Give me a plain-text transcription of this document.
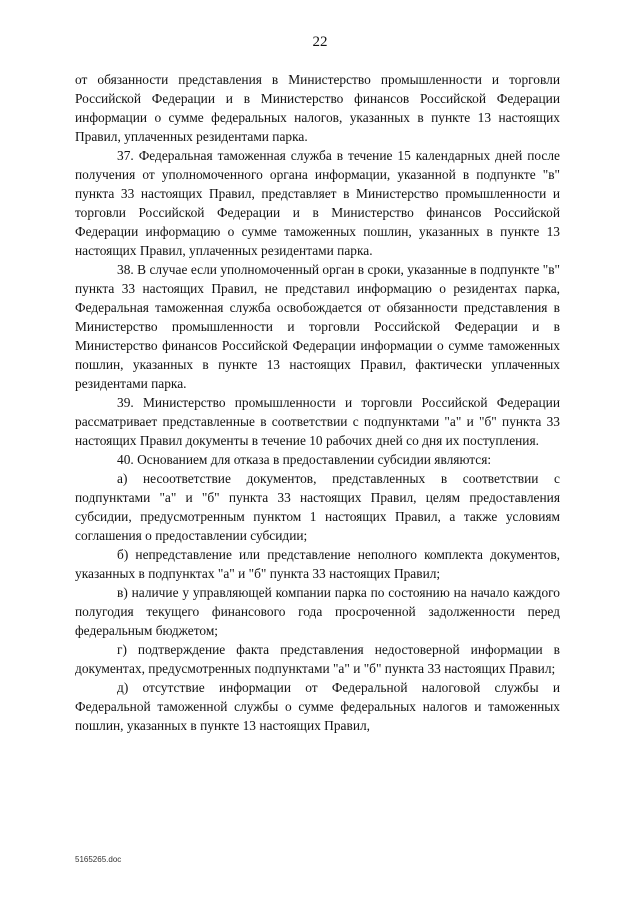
22

от обязанности представления в Министерство промышленности и торговли Российской Федерации и в Министерство финансов Российской Федерации информации о сумме федеральных налогов, указанных в пункте 13 настоящих Правил, уплаченных резидентами парка.

37. Федеральная таможенная служба в течение 15 календарных дней после получения от уполномоченного органа информации, указанной в подпункте "в" пункта 33 настоящих Правил, представляет в Министерство промышленности и торговли Российской Федерации и в Министерство финансов Российской Федерации информацию о сумме таможенных пошлин, указанных в пункте 13 настоящих Правил, уплаченных резидентами парка.

38. В случае если уполномоченный орган в сроки, указанные в подпункте "в" пункта 33 настоящих Правил, не представил информацию о резидентах парка, Федеральная таможенная служба освобождается от обязанности представления в Министерство промышленности и торговли Российской Федерации и в Министерство финансов Российской Федерации информации о сумме таможенных пошлин, указанных в пункте 13 настоящих Правил, фактически уплаченных резидентами парка.

39. Министерство промышленности и торговли Российской Федерации рассматривает представленные в соответствии с подпунктами "а" и "б" пункта 33 настоящих Правил документы в течение 10 рабочих дней со дня их поступления.

40. Основанием для отказа в предоставлении субсидии являются:

а) несоответствие документов, представленных в соответствии с подпунктами "а" и "б" пункта 33 настоящих Правил, целям предоставления субсидии, предусмотренным пунктом 1 настоящих Правил, а также условиям соглашения о предоставлении субсидии;

б) непредставление или представление неполного комплекта документов, указанных в подпунктах "а" и "б" пункта 33 настоящих Правил;

в) наличие у управляющей компании парка по состоянию на начало каждого полугодия текущего финансового года просроченной задолженности перед федеральным бюджетом;

г) подтверждение факта представления недостоверной информации в документах, предусмотренных подпунктами "а" и "б" пункта 33 настоящих Правил;

д) отсутствие информации от Федеральной налоговой службы и Федеральной таможенной службы о сумме федеральных налогов и таможенных пошлин, указанных в пункте 13 настоящих Правил,

5165265.doc
